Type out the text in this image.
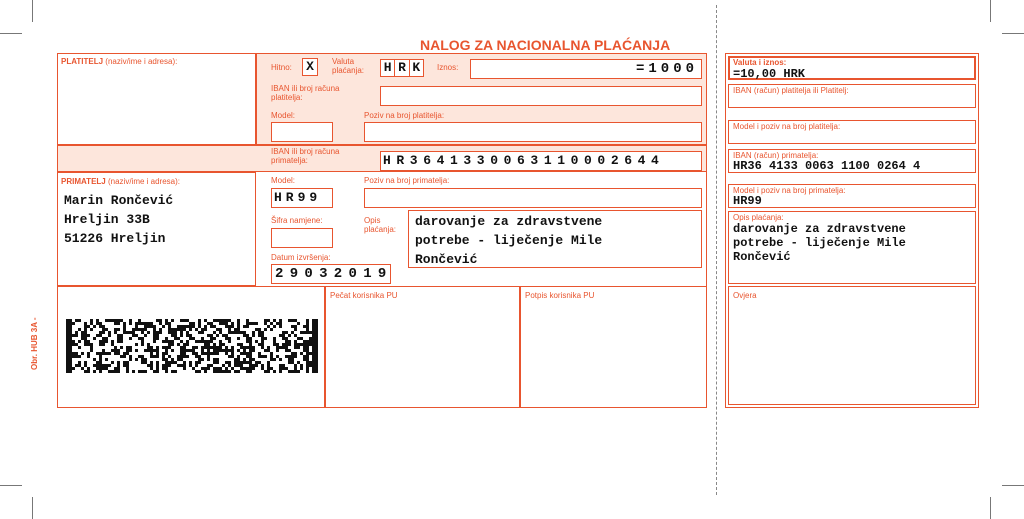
NALOG ZA NACIONALNA PLAĆANJA
PLATITELJ (naziv/ime i adresa):
Hitno: X	Valuta plaćanja:	H R K	Iznos:	=1000
IBAN ili broj računa platitelja:
Model:	Poziv na broj platitelja:
IBAN ili broj računa primatelja:	HR3641330063110002644
PRIMATELJ (naziv/ime i adresa):
Marin Rončević
Hreljin 33B
51226 Hreljin
Model:
HR99
Poziv na broj primatelja:
Šifra namjene:	Opis plaćanja:
darovanje za zdravstvene
potrebe - liječenje Mile
Rončević
Datum izvršenja:
29032019
Pečat korisnika PU	Potpis korisnika PU
Obr. HUB 3A -
Valuta i iznos:
=10,00 HRK
IBAN (račun) platitelja ili Platitelj:
Model i poziv na broj platitelja:
IBAN (račun) primatelja:
HR36 4133 0063 1100 0264 4
Model i poziv na broj primatelja:
HR99
Opis plaćanja:
darovanje za zdravstvene
potrebe - liječenje Mile
Rončević
Ovjera
